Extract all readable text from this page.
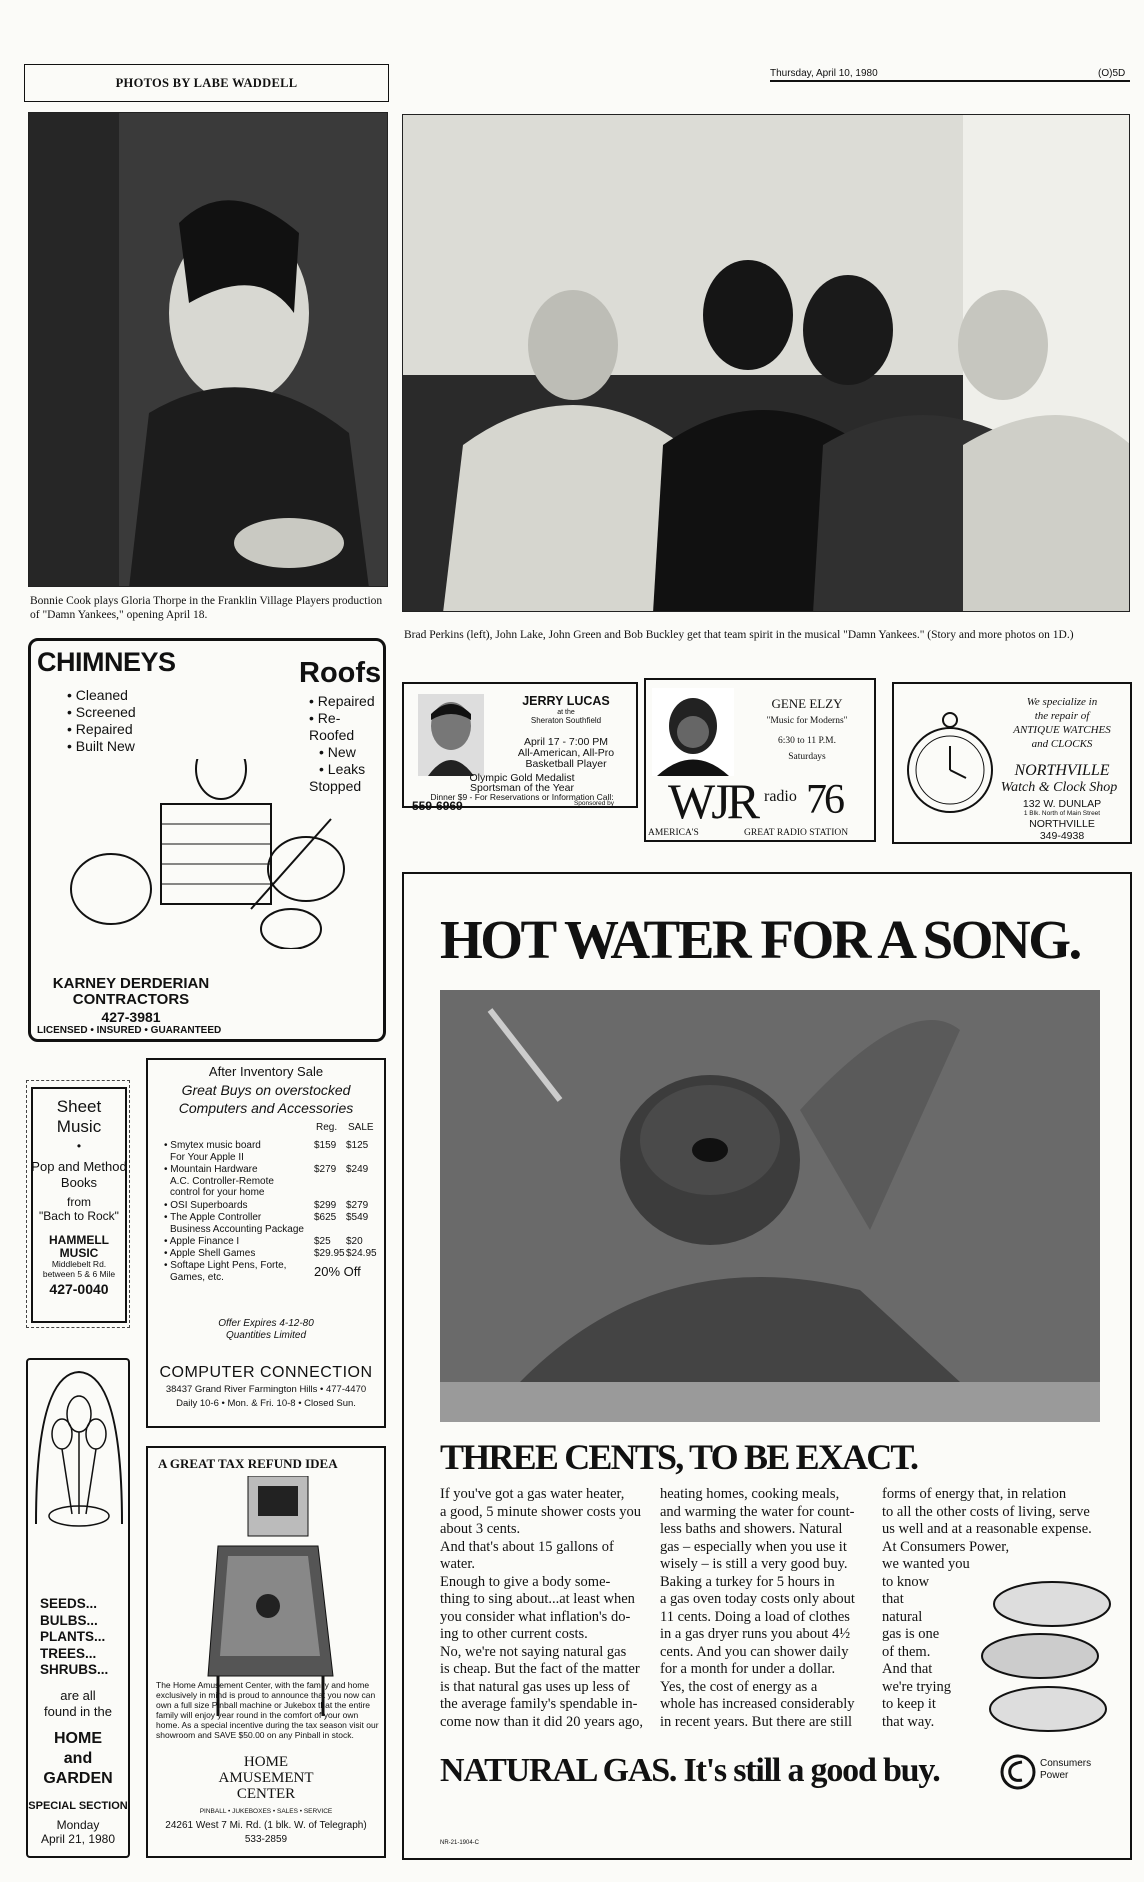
PHOTOS BY LABE WADDELL
Thursday, April 10, 1980	(O)5D
Bonnie Cook plays Gloria Thorpe in the Franklin Village Players production of "Damn Yankees," opening April 18.
Brad Perkins (left), John Lake, John Green and Bob Buckley get that team spirit in the musical "Damn Yankees." (Story and more photos on 1D.)
CHIMNEYS	Roofs
• Cleaned
• Screened
• Repaired
• Built New
• Repaired
• Re-Roofed
• New
• Leaks
Stopped
KARNEY DERDERIAN
CONTRACTORS
427-3981
LICENSED • INSURED • GUARANTEED
JERRY LUCAS
at the
Sheraton Southfield
April 17 - 7:00 PM
All-American, All-Pro
Basketball Player
Olympic Gold Medalist
Sportsman of the Year
Dinner $9 - For Reservations or Information Call:
559-6969	Sponsored by
GENE ELZY
"Music for Moderns"
6:30 to 11 P.M.
Saturdays
WJR radio 76
AMERICA'S	GREAT RADIO STATION
We specialize in
the repair of
ANTIQUE WATCHES
and CLOCKS
NORTHVILLE
Watch & Clock Shop
132 W. DUNLAP
1 Blk. North of Main Street
NORTHVILLE
349-4938
Sheet
Music
•
Pop and Method
Books
from
"Bach to Rock"
HAMMELL
MUSIC
Middlebelt Rd.
between 5 & 6 Mile
427-0040
After Inventory Sale
Great Buys on overstocked
Computers and Accessories
Reg. SALE
• Smytex music board
For Your Apple II
$159 $125
• Mountain Hardware
A.C. Controller-Remote control for your home
$279 $249
• OSI Superboards	$299 $279
• The Apple Controller
Business Accounting Package
$625 $549
• Apple Finance I	$25 $20
• Apple Shell Games	$29.95 $24.95
• Softape Light Pens, Forte,
Games, etc.	20% Off
Offer Expires 4-12-80
Quantities Limited
COMPUTER CONNECTION
38437 Grand River Farmington Hills • 477-4470
Daily 10-6 • Mon. & Fri. 10-8 • Closed Sun.
SEEDS...
BULBS...
PLANTS...
TREES...
SHRUBS...
are all
found in the
HOME
and
GARDEN
SPECIAL SECTION
Monday
April 21, 1980
A GREAT TAX REFUND IDEA
The Home Amusement Center, with the family and home exclusively in mind is proud to announce that you now can own a full size Pinball machine or Jukebox that the entire family will enjoy year round in the comfort of your own home. As a special incentive during the tax season visit our showroom and SAVE $50.00 on any Pinball in stock.
HOME
AMUSEMENT
CENTER
PINBALL • JUKEBOXES • SALES • SERVICE
24261 West 7 Mi. Rd. (1 blk. W. of Telegraph)
533-2859
HOT WATER FOR A SONG.
THREE CENTS, TO BE EXACT.
If you've got a gas water heater,
a good, 5 minute shower costs you
about 3 cents.
And that's about 15 gallons of
water.
Enough to give a body some-
thing to sing about...at least when
you consider what inflation's do-
ing to other current costs.
No, we're not saying natural gas
is cheap. But the fact of the matter
is that natural gas uses up less of
the average family's spendable in-
come now than it did 20 years ago,
heating homes, cooking meals,
and warming the water for count-
less baths and showers. Natural
gas – especially when you use it
wisely – is still a very good buy.
Baking a turkey for 5 hours in
a gas oven today costs only about
11 cents. Doing a load of clothes
in a gas dryer runs you about 4½
cents. And you can shower daily
for a month for under a dollar.
Yes, the cost of energy as a
whole has increased considerably
in recent years. But there are still
forms of energy that, in relation
to all the other costs of living, serve
us well and at a reasonable expense.
At Consumers Power,
we wanted you
to know
that
natural
gas is one
of them.
And that
we're trying
to keep it
that way.
NATURAL GAS. It's still a good buy.	Consumers
Power
NR-21-1904-C
